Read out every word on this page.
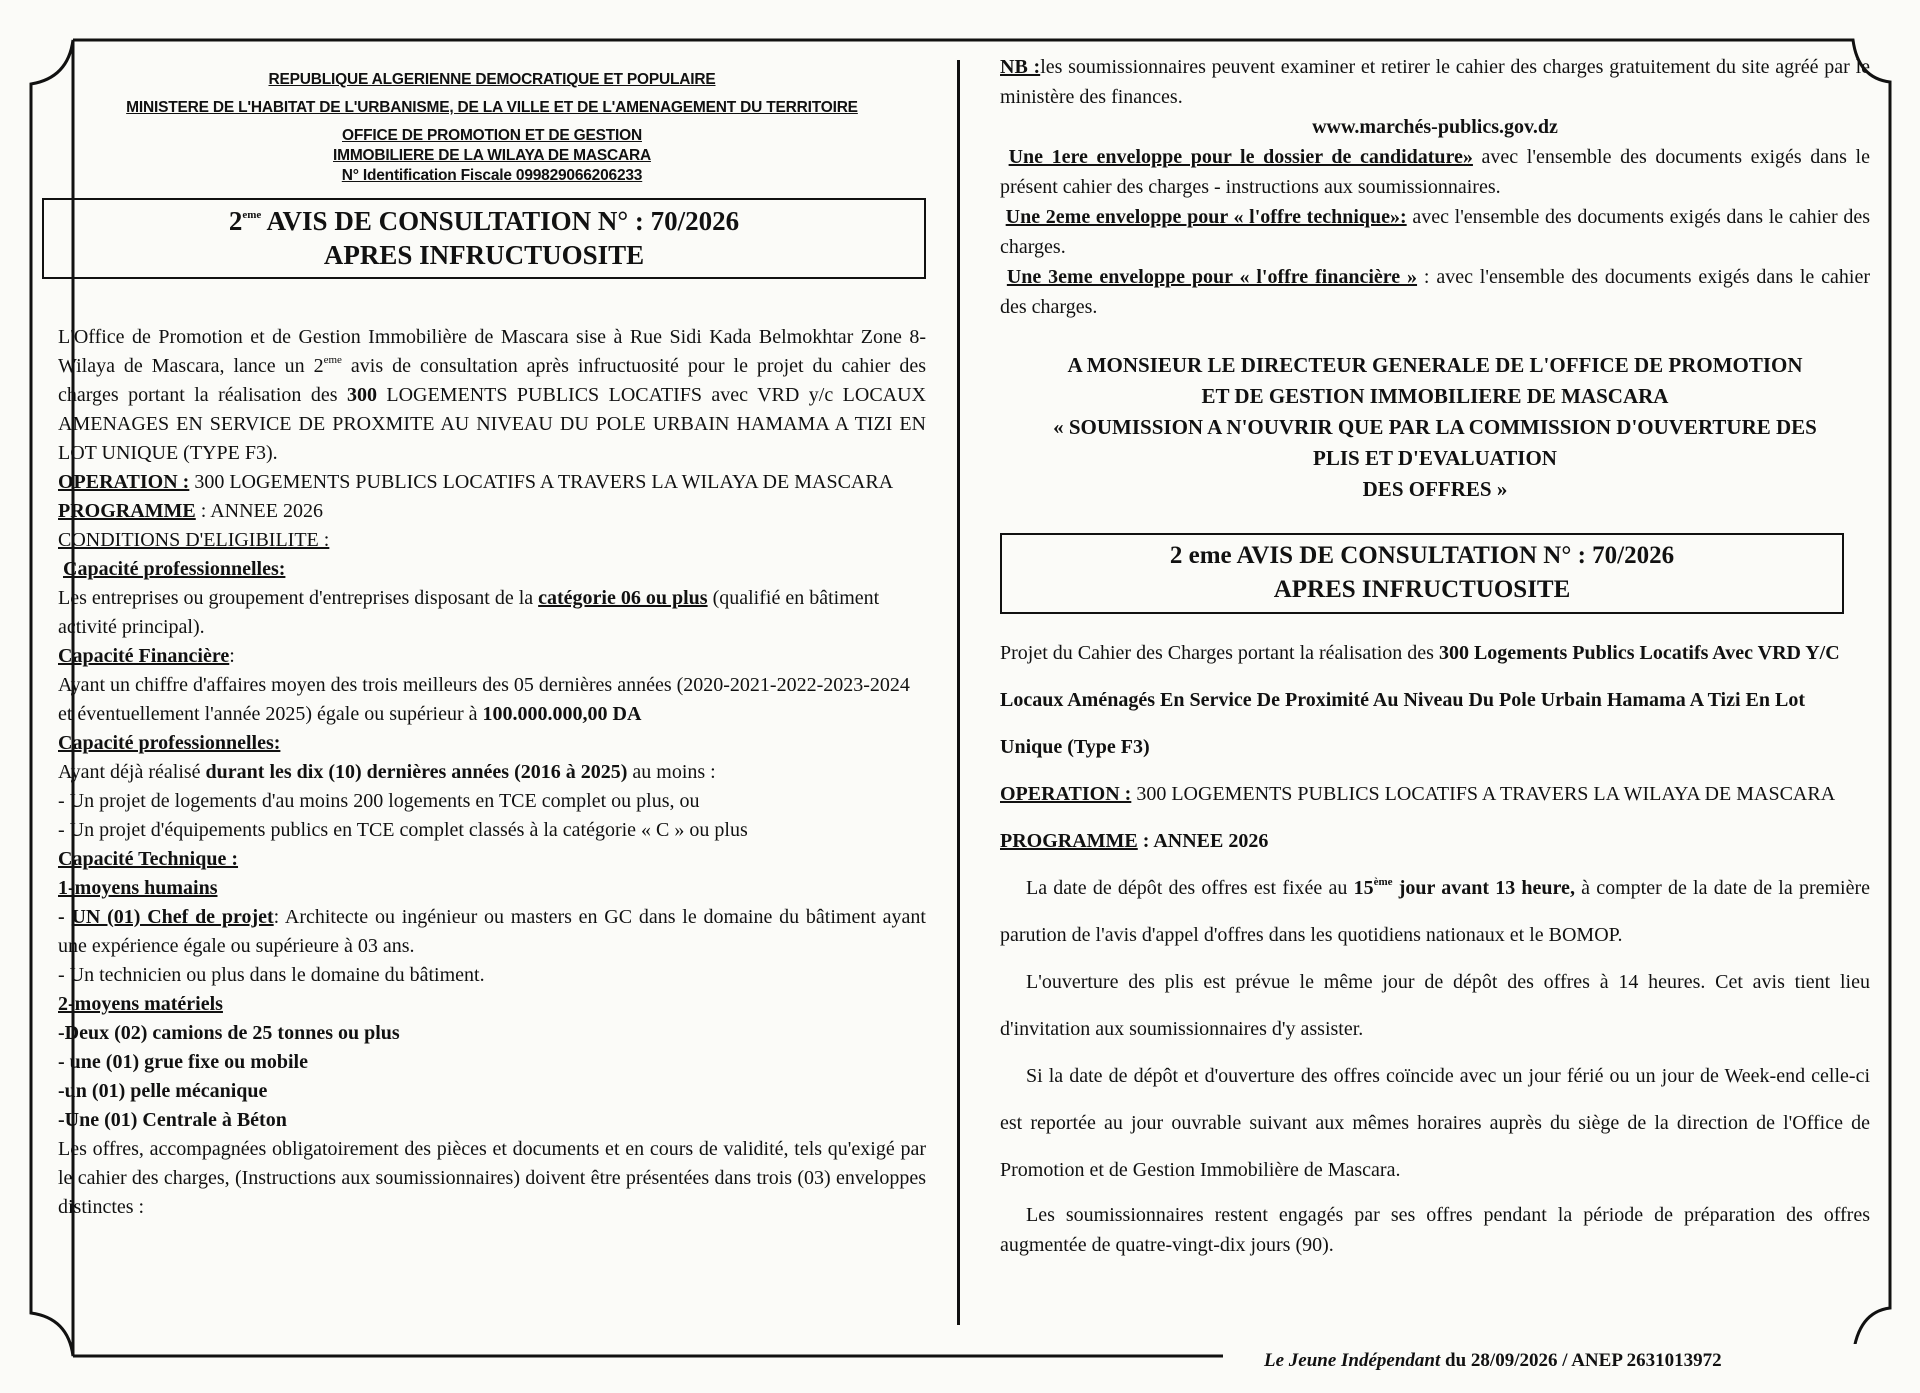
REPUBLIQUE ALGERIENNE DEMOCRATIQUE ET POPULAIRE
MINISTERE DE L'HABITAT DE L'URBANISME, DE LA VILLE ET DE L'AMENAGEMENT DU TERRITOIRE
OFFICE DE PROMOTION ET DE GESTION
IMMOBILIERE DE LA WILAYA DE MASCARA
N° Identification Fiscale 099829066206233
2eme AVIS DE CONSULTATION N° : 70/2026
APRES INFRUCTUOSITE

L'Office de Promotion et de Gestion Immobilière de Mascara sise à Rue Sidi Kada Belmokhtar Zone 8- Wilaya de Mascara, lance un 2eme avis de consultation après infructuosité pour le projet du cahier des charges portant la réalisation des 300 LOGEMENTS PUBLICS LOCATIFS avec VRD y/c LOCAUX AMENAGES EN SERVICE DE PROXMITE AU NIVEAU DU POLE URBAIN HAMAMA A TIZI EN LOT UNIQUE (TYPE F3).

OPERATION : 300 LOGEMENTS PUBLICS LOCATIFS A TRAVERS LA WILAYA DE MASCARA

PROGRAMME : ANNEE 2026

CONDITIONS D'ELIGIBILITE :

Capacité professionnelles:

Les entreprises ou groupement d'entreprises disposant de la catégorie 06 ou plus (qualifié en bâtiment activité principal).

Capacité Financière:

Ayant un chiffre d'affaires moyen des trois meilleurs des 05 dernières années (2020-2021-2022-2023-2024 et éventuellement l'année 2025) égale ou supérieur à 100.000.000,00 DA

Capacité professionnelles:

Ayant déjà réalisé durant les dix (10) dernières années (2016 à 2025) au moins :

- Un projet de logements d'au moins 200 logements en TCE complet ou plus, ou

- Un projet d'équipements publics en TCE complet classés à la catégorie « C » ou plus

Capacité Technique :

1-moyens humains

- UN (01) Chef de projet: Architecte ou ingénieur ou masters en GC dans le domaine du bâtiment ayant une expérience égale ou supérieure à 03 ans.

- Un technicien ou plus dans le domaine du bâtiment.

2-moyens matériels

-Deux (02) camions de 25 tonnes ou plus

- une (01) grue fixe ou mobile

-un (01) pelle mécanique

-Une (01) Centrale à Béton

Les offres, accompagnées obligatoirement des pièces et documents et en cours de validité, tels qu'exigé par le cahier des charges, (Instructions aux soumissionnaires) doivent être présentées dans trois (03) enveloppes distinctes :

NB :les soumissionnaires peuvent examiner et retirer le cahier des charges gratuitement du site agréé par le ministère des finances.

www.marchés-publics.gov.dz

Une 1ere enveloppe pour le dossier de candidature» avec l'ensemble des documents exigés dans le présent cahier des charges - instructions aux soumissionnaires.

Une 2eme enveloppe pour « l'offre technique»: avec l'ensemble des documents exigés dans le cahier des charges.

Une 3eme enveloppe pour « l'offre financière » : avec l'ensemble des documents exigés dans le cahier des charges.

A MONSIEUR LE DIRECTEUR GENERALE DE L'OFFICE DE PROMOTION
ET DE GESTION IMMOBILIERE DE MASCARA
« SOUMISSION A N'OUVRIR QUE PAR LA COMMISSION D'OUVERTURE DES
PLIS ET D'EVALUATION
DES OFFRES »
2 eme AVIS DE CONSULTATION N° : 70/2026
APRES INFRUCTUOSITE

Projet du Cahier des Charges portant la réalisation des 300 Logements Publics Locatifs Avec VRD Y/C Locaux Aménagés En Service De Proximité Au Niveau Du Pole Urbain Hamama A Tizi En Lot Unique (Type F3)

OPERATION : 300 LOGEMENTS PUBLICS LOCATIFS A TRAVERS LA WILAYA DE MASCARA

PROGRAMME : ANNEE 2026

La date de dépôt des offres est fixée au 15ème jour avant 13 heure, à compter de la date de la première parution de l'avis d'appel d'offres dans les quotidiens nationaux et le BOMOP.

L'ouverture des plis est prévue le même jour de dépôt des offres à 14 heures. Cet avis tient lieu d'invitation aux soumissionnaires d'y assister.

Si la date de dépôt et d'ouverture des offres coïncide avec un jour férié ou un jour de Week-end celle-ci est reportée au jour ouvrable suivant aux mêmes horaires auprès du siège de la direction de l'Office de Promotion et de Gestion Immobilière de Mascara.

Les soumissionnaires restent engagés par ses offres pendant la période de préparation des offres augmentée de quatre-vingt-dix jours (90).

Le Jeune Indépendant du 28/09/2026 / ANEP 2631013972
